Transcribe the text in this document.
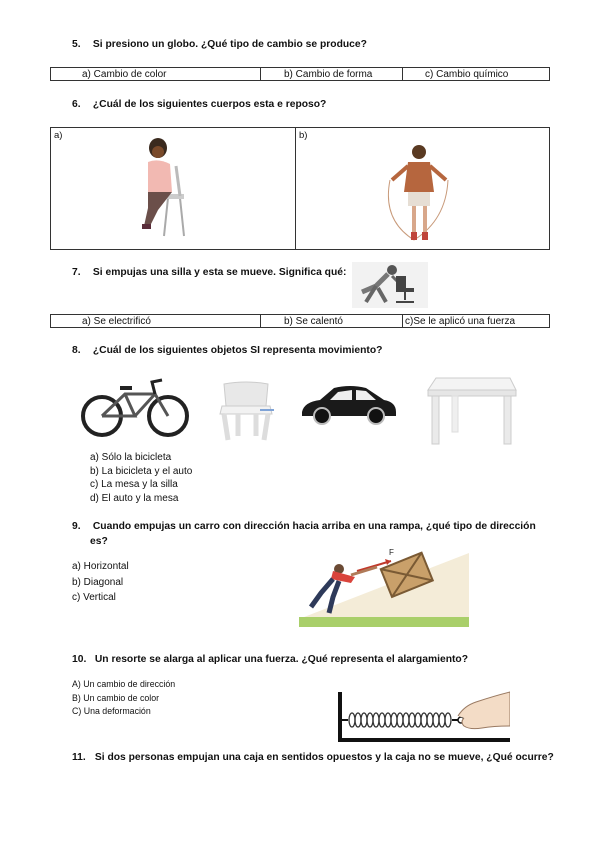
5. Si presiono un globo. ¿Qué tipo de cambio se produce?
a) Cambio de color	b) Cambio de forma	c) Cambio químico
6. ¿Cuál de los siguientes cuerpos esta e reposo?
a)	b)
7. Si empujas una silla y esta se mueve. Significa qué:
a) Se electrificó	b) Se calentó	c)Se le aplicó una fuerza
8. ¿Cuál de los siguientes objetos SI representa movimiento?
a) Sólo la bicicleta
b) La bicicleta y el auto
c) La mesa y la silla
d) El auto y la mesa
9. Cuando empujas un carro con dirección hacia arriba en una rampa, ¿qué tipo de dirección
es?
a) Horizontal
b) Diagonal
c) Vertical
F
10. Un resorte se alarga al aplicar una fuerza. ¿Qué representa el alargamiento?
A) Un cambio de dirección
B) Un cambio de color
C) Una deformación
11. Si dos personas empujan una caja en sentidos opuestos y la caja no se mueve, ¿Qué ocurre?
